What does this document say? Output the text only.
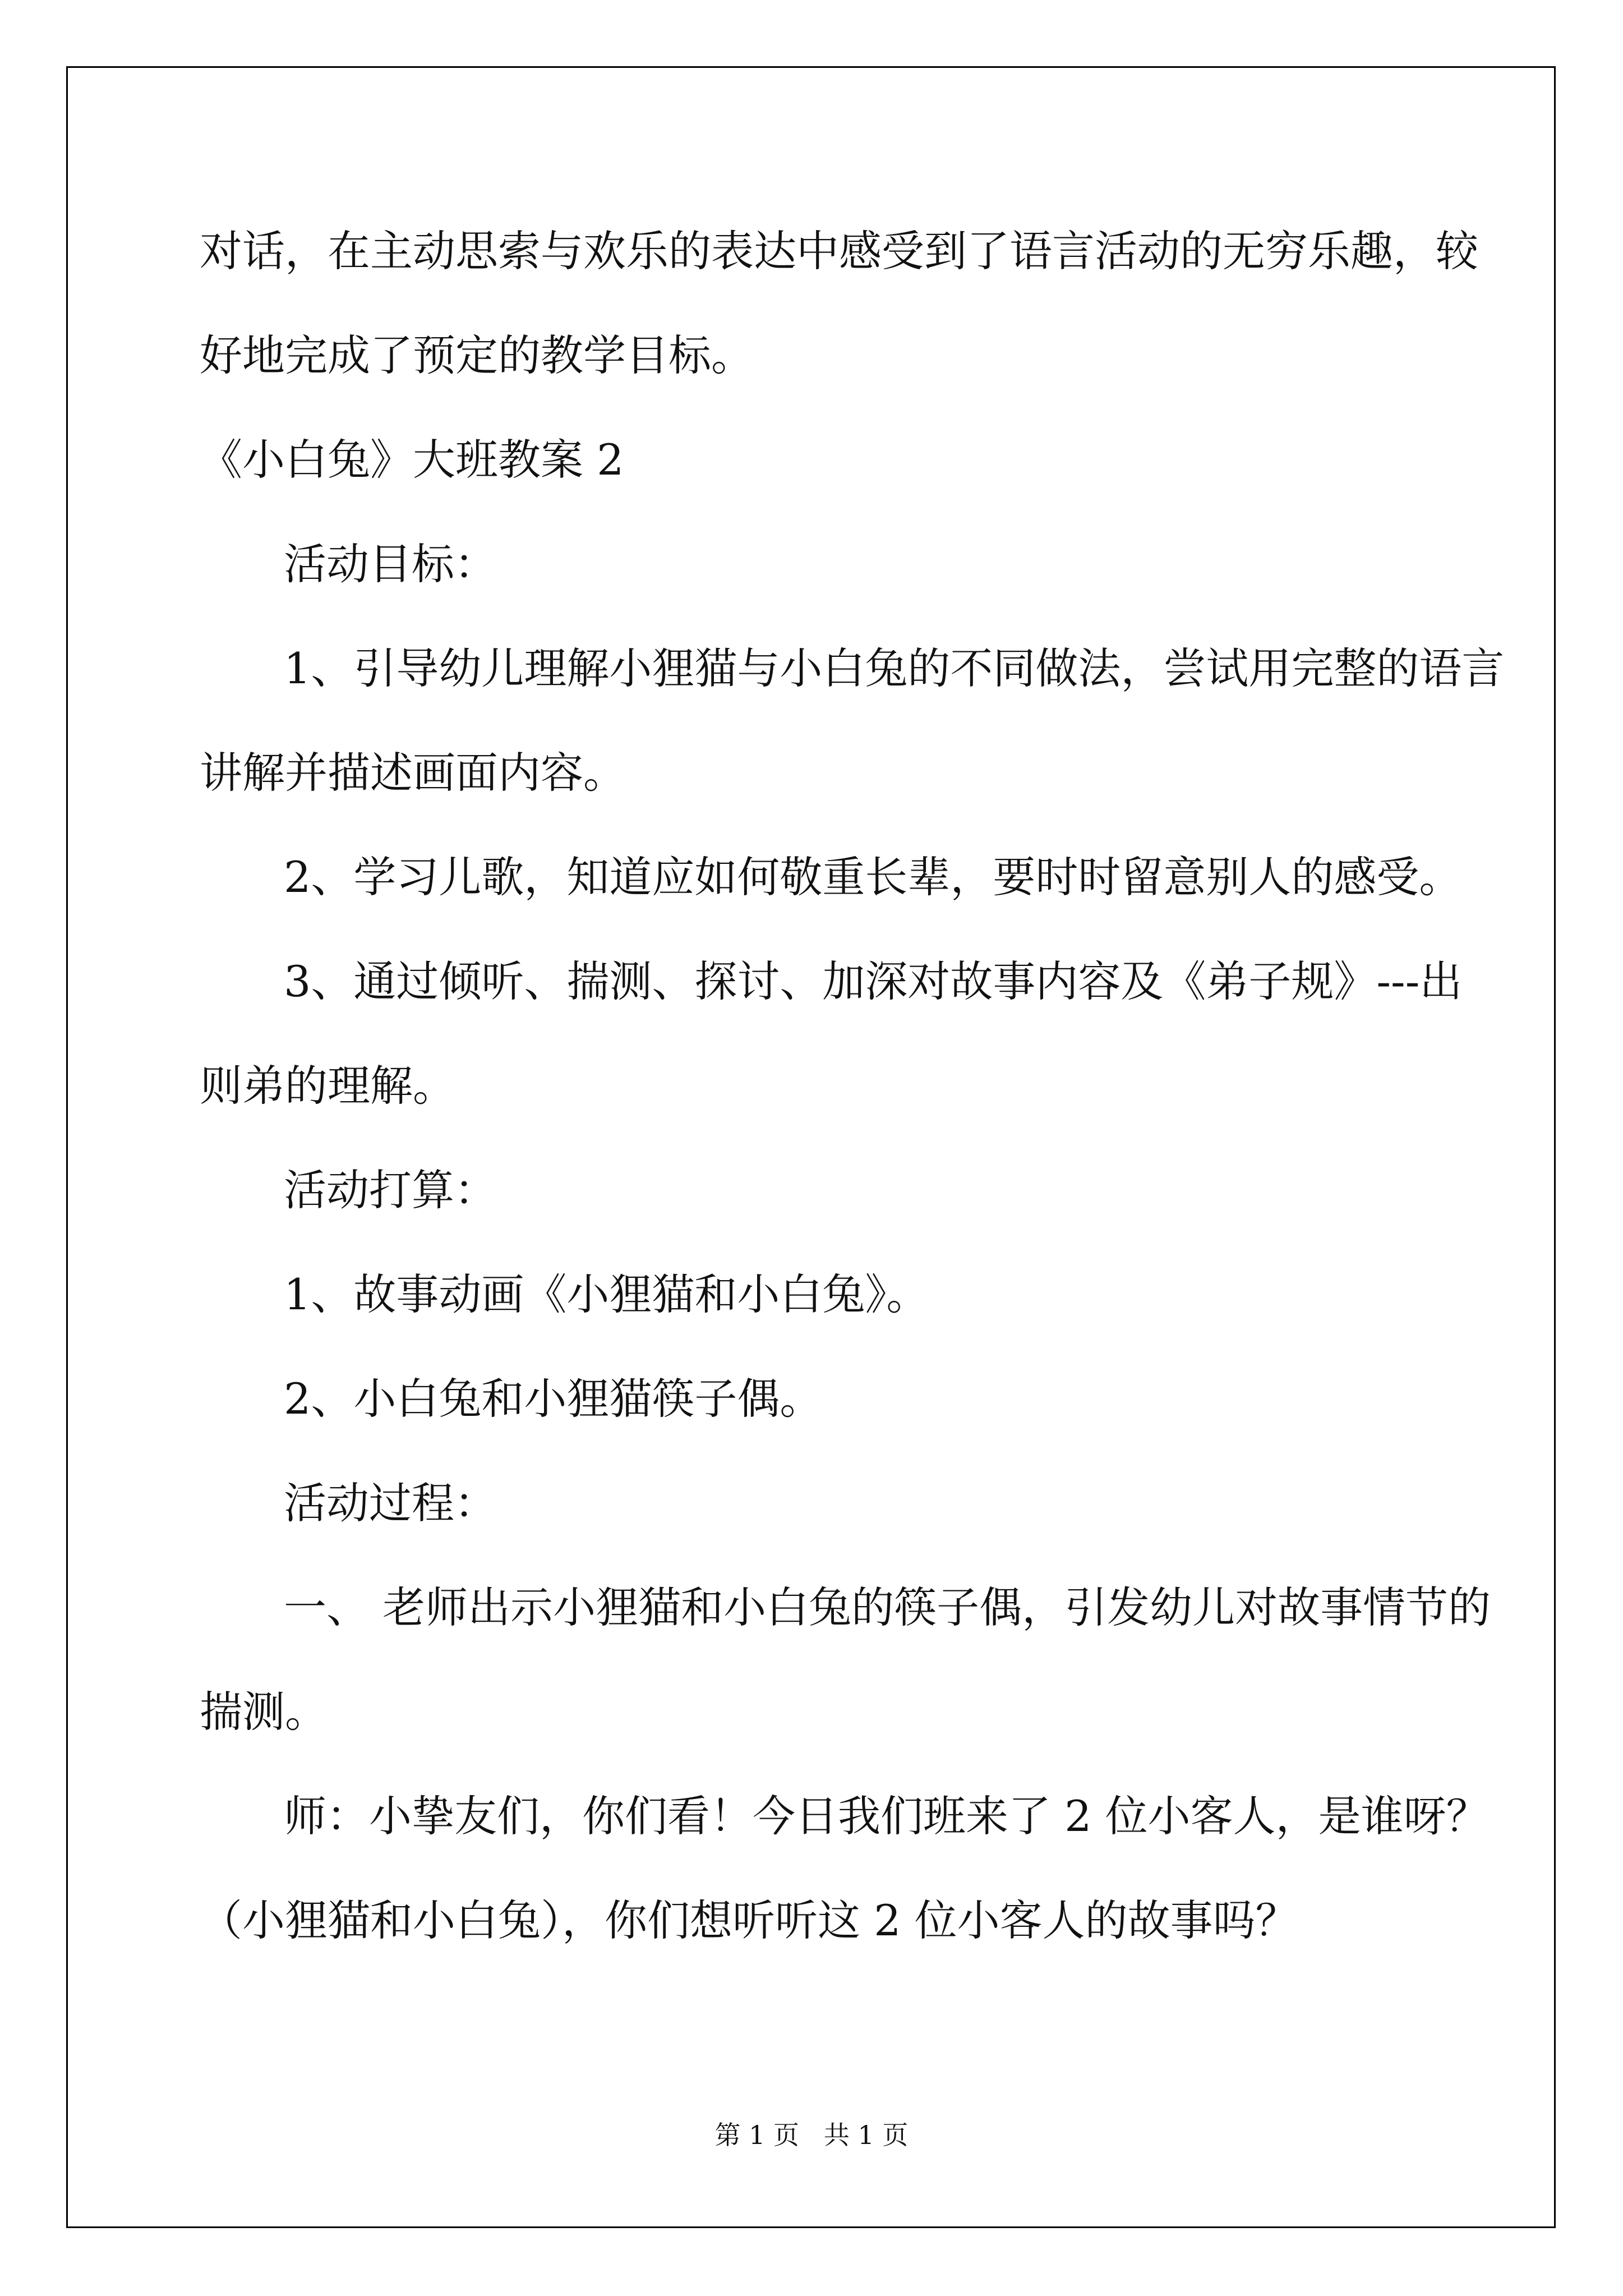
对话，在主动思索与欢乐的表达中感受到了语言活动的无穷乐趣，较
好地完成了预定的教学目标。

《小白兔》大班教案 2

活动目标：

1、引导幼儿理解小狸猫与小白兔的不同做法，尝试用完整的语言
讲解并描述画面内容。

2、学习儿歌，知道应如何敬重长辈，要时时留意别人的感受。

3、通过倾听、揣测、探讨、加深对故事内容及《弟子规》---出
则弟的理解。

活动打算：

1、故事动画《小狸猫和小白兔》。

2、小白兔和小狸猫筷子偶。

活动过程：

一、 老师出示小狸猫和小白兔的筷子偶，引发幼儿对故事情节的
揣测。

师：小挚友们，你们看！今日我们班来了 2 位小客人，是谁呀？
（小狸猫和小白兔），你们想听听这 2 位小客人的故事吗？

第 1 页   共 1 页
